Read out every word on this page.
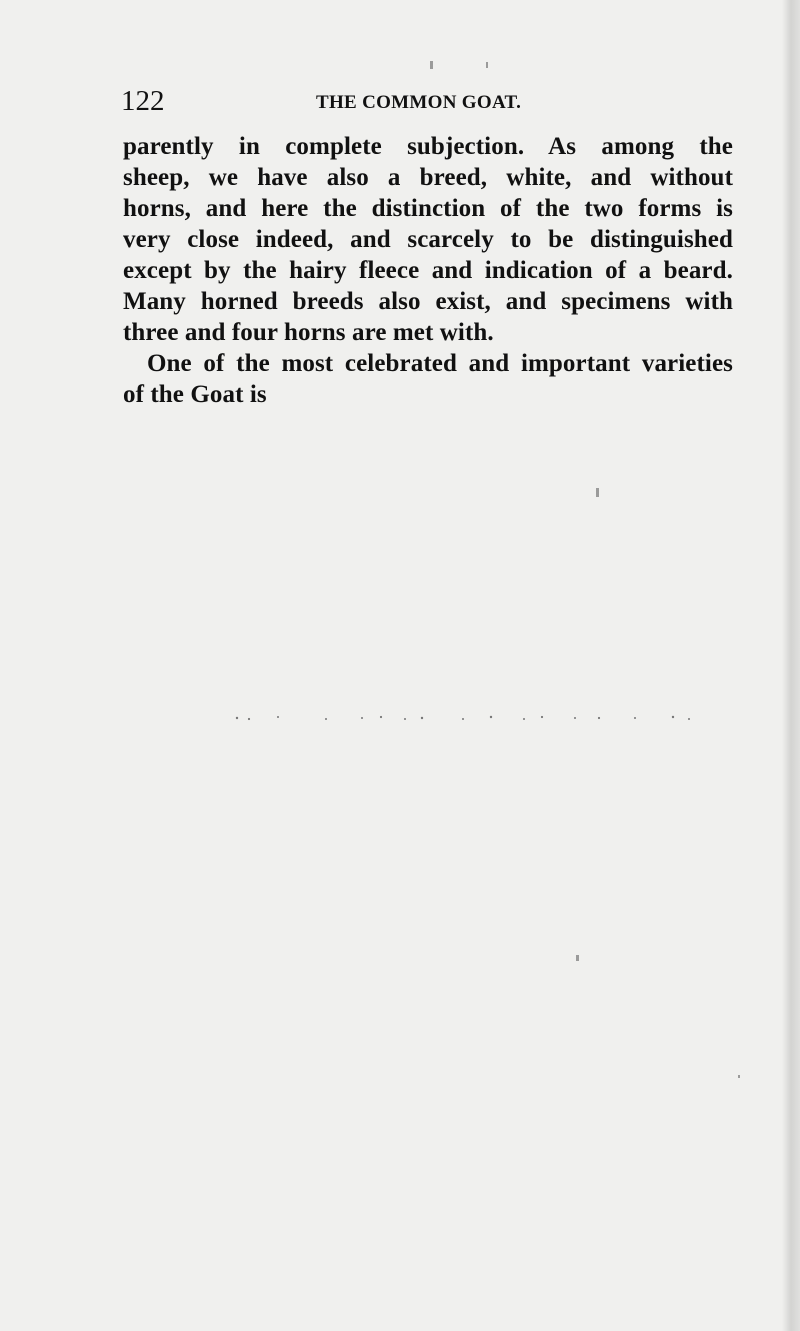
122	THE COMMON GOAT.
parently in complete subjection. As among the
sheep, we have also a breed, white, and without
horns, and here the distinction of the two forms is
very close indeed, and scarcely to be distinguished
except by the hairy fleece and indication of a beard.
Many horned breeds also exist, and specimens with
three and four horns are met with.
One of the most celebrated and important varieties
of the Goat is
